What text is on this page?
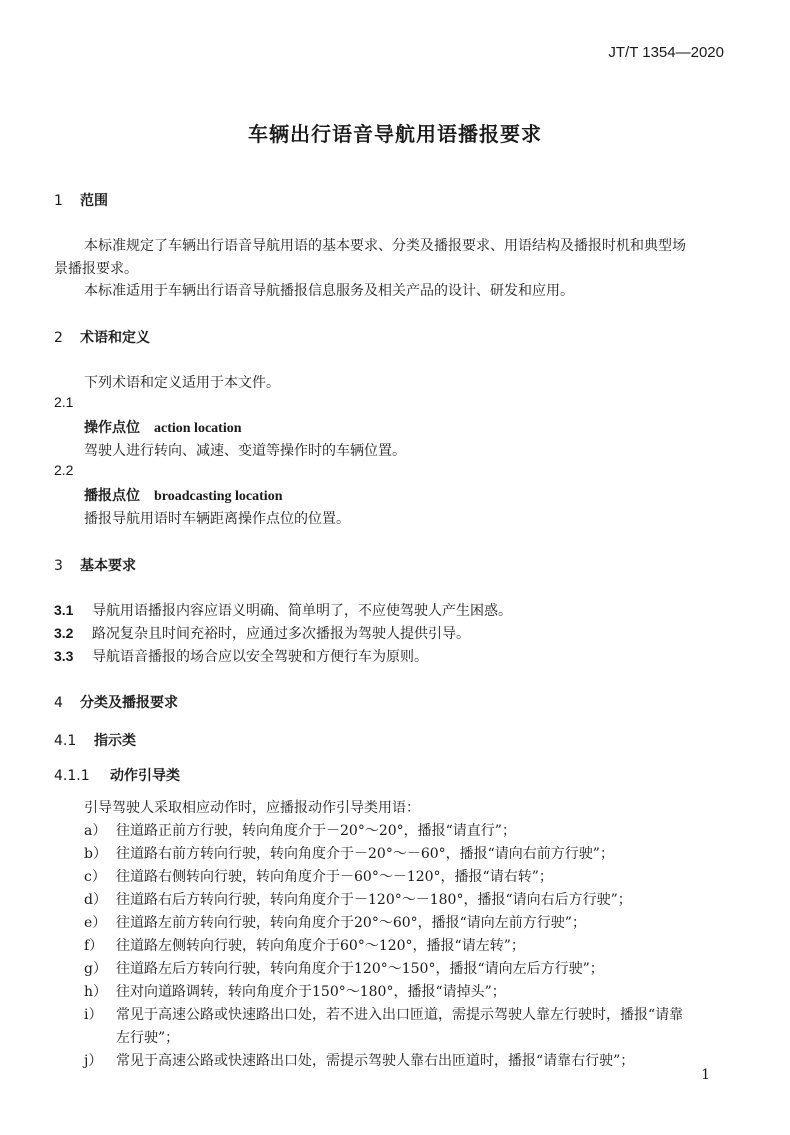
JT/T 1354—2020
车辆出行语音导航用语播报要求
1 范围
本标准规定了车辆出行语音导航用语的基本要求、分类及播报要求、用语结构及播报时机和典型场
景播报要求。
本标准适用于车辆出行语音导航播报信息服务及相关产品的设计、研发和应用。
2 术语和定义
下列术语和定义适用于本文件。
2.1
操作点位 action location
驾驶人进行转向、减速、变道等操作时的车辆位置。
2.2
播报点位 broadcasting location
播报导航用语时车辆距离操作点位的位置。
3 基本要求
3.1 导航用语播报内容应语义明确、简单明了，不应使驾驶人产生困惑。
3.2 路况复杂且时间充裕时，应通过多次播报为驾驶人提供引导。
3.3 导航语音播报的场合应以安全驾驶和方便行车为原则。
4 分类及播报要求
4.1 指示类
4.1.1 动作引导类
引导驾驶人采取相应动作时，应播报动作引导类用语：
a） 往道路正前方行驶，转向角度介于－20°～20°，播报“请直行”；
b） 往道路右前方转向行驶，转向角度介于－20°～－60°，播报“请向右前方行驶”；
c） 往道路右侧转向行驶，转向角度介于－60°～－120°，播报“请右转”；
d） 往道路右后方转向行驶，转向角度介于－120°～－180°，播报“请向右后方行驶”；
e） 往道路左前方转向行驶，转向角度介于20°～60°，播报“请向左前方行驶”；
f） 往道路左侧转向行驶，转向角度介于60°～120°，播报“请左转”；
g） 往道路左后方转向行驶，转向角度介于120°～150°，播报“请向左后方行驶”；
h） 往对向道路调转，转向角度介于150°～180°，播报“请掉头”；
i） 常见于高速公路或快速路出口处，若不进入出口匝道，需提示驾驶人靠左行驶时，播报“请靠
左行驶”；
j） 常见于高速公路或快速路出口处，需提示驾驶人靠右出匝道时，播报“请靠右行驶”；
1
